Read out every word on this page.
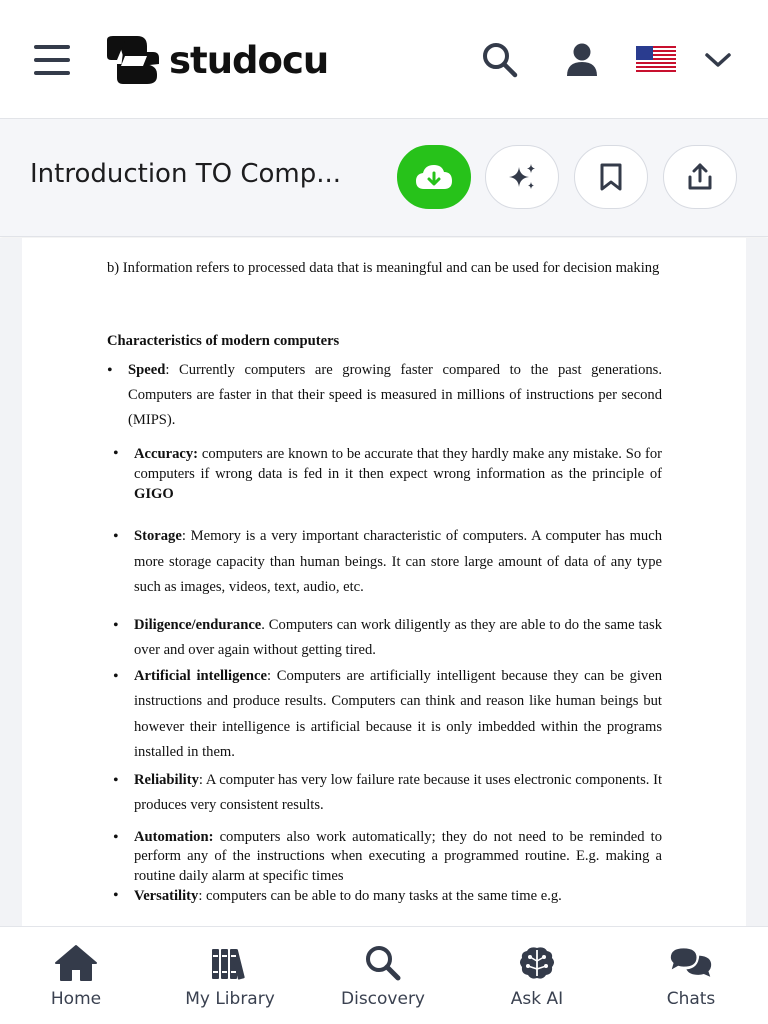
studocu
Introduction TO Comp...

b) Information refers to processed data that is meaningful and can be used for decision making

Characteristics of modern computers

• Speed: Currently computers are growing faster compared to the past generations. Computers are faster in that their speed is measured in millions of instructions per second (MIPS).
• Accuracy: computers are known to be accurate that they hardly make any mistake. So for computers if wrong data is fed in it then expect wrong information as the principle of GIGO
• Storage: Memory is a very important characteristic of computers. A computer has much more storage capacity than human beings. It can store large amount of data of any type such as images, videos, text, audio, etc.
• Diligence/endurance. Computers can work diligently as they are able to do the same task over and over again without getting tired.
• Artificial intelligence: Computers are artificially intelligent because they can be given instructions and produce results. Computers can think and reason like human beings but however their intelligence is artificial because it is only imbedded within the programs installed in them.
• Reliability: A computer has very low failure rate because it uses electronic components. It produces very consistent results.
• Automation: computers also work automatically; they do not need to be reminded to perform any of the instructions when executing a programmed routine. E.g. making a routine daily alarm at specific times
• Versatility: computers can be able to do many tasks at the same time e.g.
Home	My Library	Discovery	Ask AI	Chats
